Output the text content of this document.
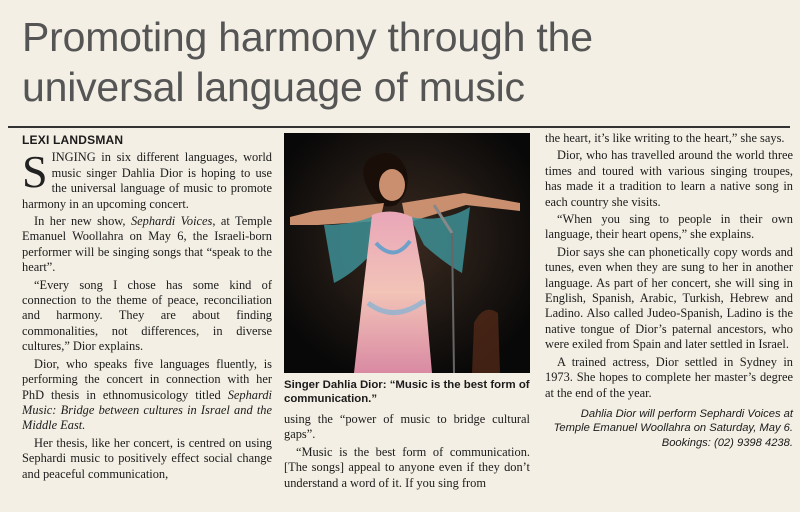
Promoting harmony through the
universal language of music

LEXI LANDSMAN

SINGING in six different languages, world music singer Dahlia Dior is hoping to use the universal language of music to promote harmony in an upcoming concert.

In her new show, Sephardi Voices, at Temple Emanuel Woollahra on May 6, the Israeli-born performer will be singing songs that “speak to the heart”.

“Every song I chose has some kind of connection to the theme of peace, reconciliation and harmony. They are about finding commonalities, not differences, in diverse cultures,” Dior explains.

Dior, who speaks five languages fluently, is performing the concert in connection with her PhD thesis in ethnomusicology titled Sephardi Music: Bridge between cultures in Israel and the Middle East.

Her thesis, like her concert, is centred on using Sephardi music to positively effect social change and peaceful communication,

Singer Dahlia Dior: “Music is the best form of communication.”

using the “power of music to bridge cultural gaps”.

“Music is the best form of communication. [The songs] appeal to anyone even if they don’t understand a word of it. If you sing from

the heart, it’s like writing to the heart,” she says.

Dior, who has travelled around the world three times and toured with various singing troupes, has made it a tradition to learn a native song in each country she visits.

“When you sing to people in their own language, their heart opens,” she explains.

Dior says she can phonetically copy words and tunes, even when they are sung to her in another language. As part of her concert, she will sing in English, Spanish, Arabic, Turkish, Hebrew and Ladino. Also called Judeo-Spanish, Ladino is the native tongue of Dior’s paternal ancestors, who were exiled from Spain and later settled in Israel.

A trained actress, Dior settled in Sydney in 1973. She hopes to complete her master’s degree at the end of the year.

Dahlia Dior will perform Sephardi Voices at
Temple Emanuel Woollahra on Saturday, May 6.
Bookings: (02) 9398 4238.
